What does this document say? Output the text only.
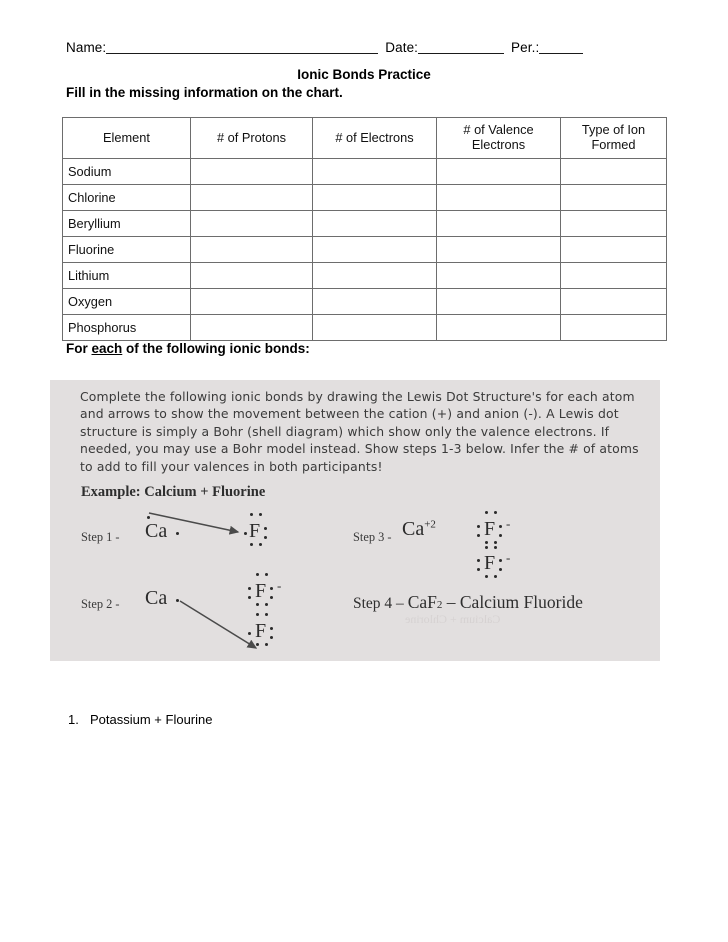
Name:	Date:	Per.:
Ionic Bonds Practice
Fill in the missing information on the chart.
Element	# of Protons	# of Electrons	# of Valence Electrons	Type of Ion Formed
Sodium				
Chlorine				
Beryllium				
Fluorine				
Lithium				
Oxygen				
Phosphorus				
For each of the following ionic bonds:
Complete the following ionic bonds by drawing the Lewis Dot Structure's for each atom and arrows to show the movement between the cation (+) and anion (-). A Lewis dot structure is simply a Bohr (shell diagram) which show only the valence electrons. If needed, you may use a Bohr model instead. Show steps 1-3 below. Infer the # of atoms to add to fill your valences in both participants!
Example: Calcium + Fluorine
Step 1 - Ca	F	Step $3 - Ca^{+2}$ F -
F -
Step 2 - Ca	F -
F
Step 4 – CaF2 – Calcium Fluoride
Calcium + Chlorine
1. Potassium + Flourine
